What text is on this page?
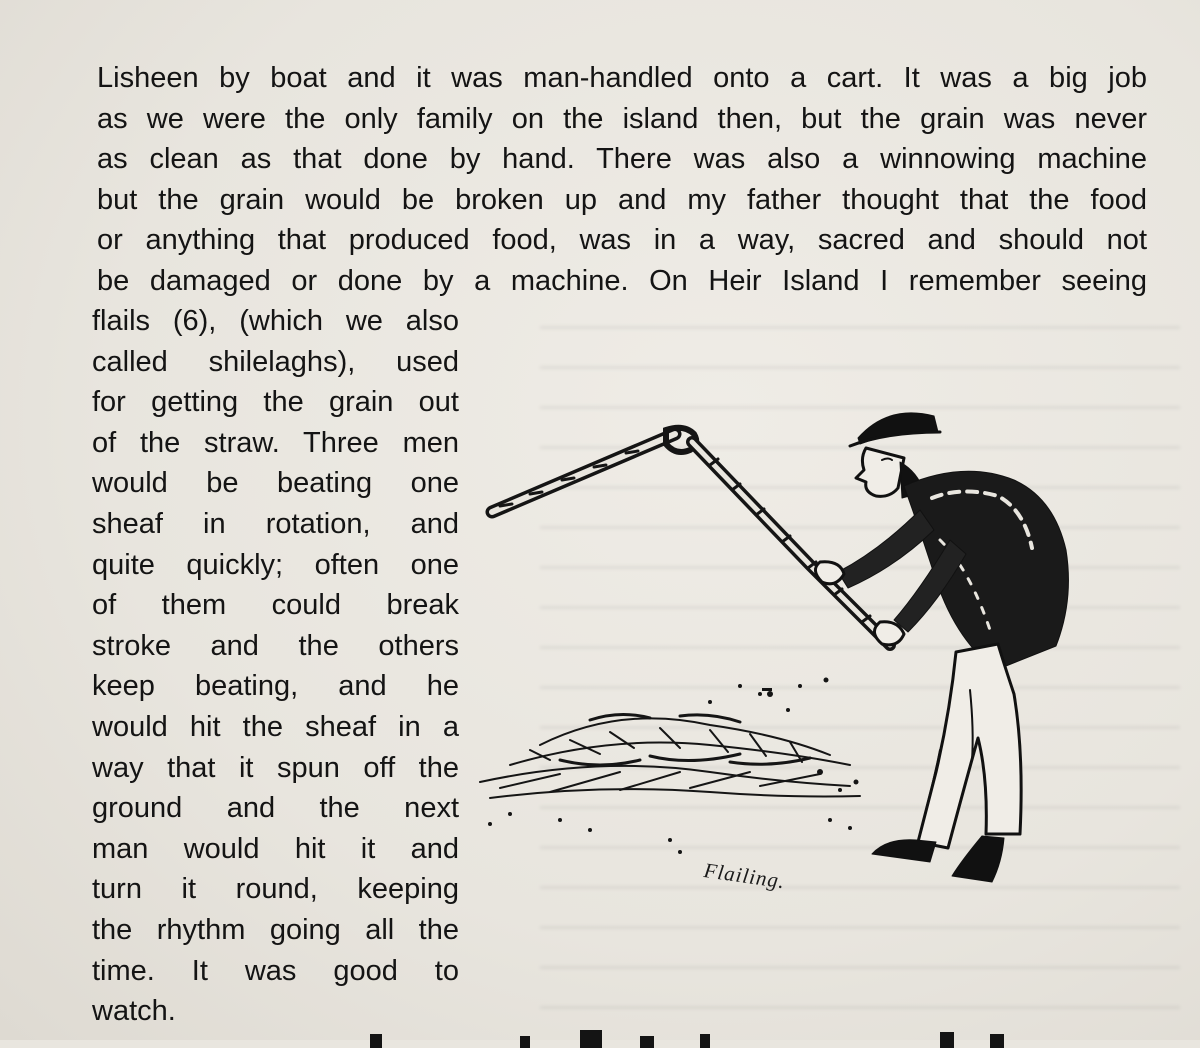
Lisheen by boat and it was man-handled onto a cart. It was a big job
as we were the only family on the island then, but the grain was never
as clean as that done by hand. There was also a winnowing machine
but the grain would be broken up and my father thought that the food
or anything that produced food, was in a way, sacred and should not
be damaged or done by a machine. On Heir Island I remember seeing
flails (6), (which we also
called shilelaghs), used
for getting the grain out
of the straw. Three men
would be beating one
sheaf in rotation, and
quite quickly; often one
of them could break
stroke and the others
keep beating, and he
would hit the sheaf in a
way that it spun off the
ground and the next
man would hit it and
turn it round, keeping
the rhythm going all the
time. It was good to
watch.
Flailing.
